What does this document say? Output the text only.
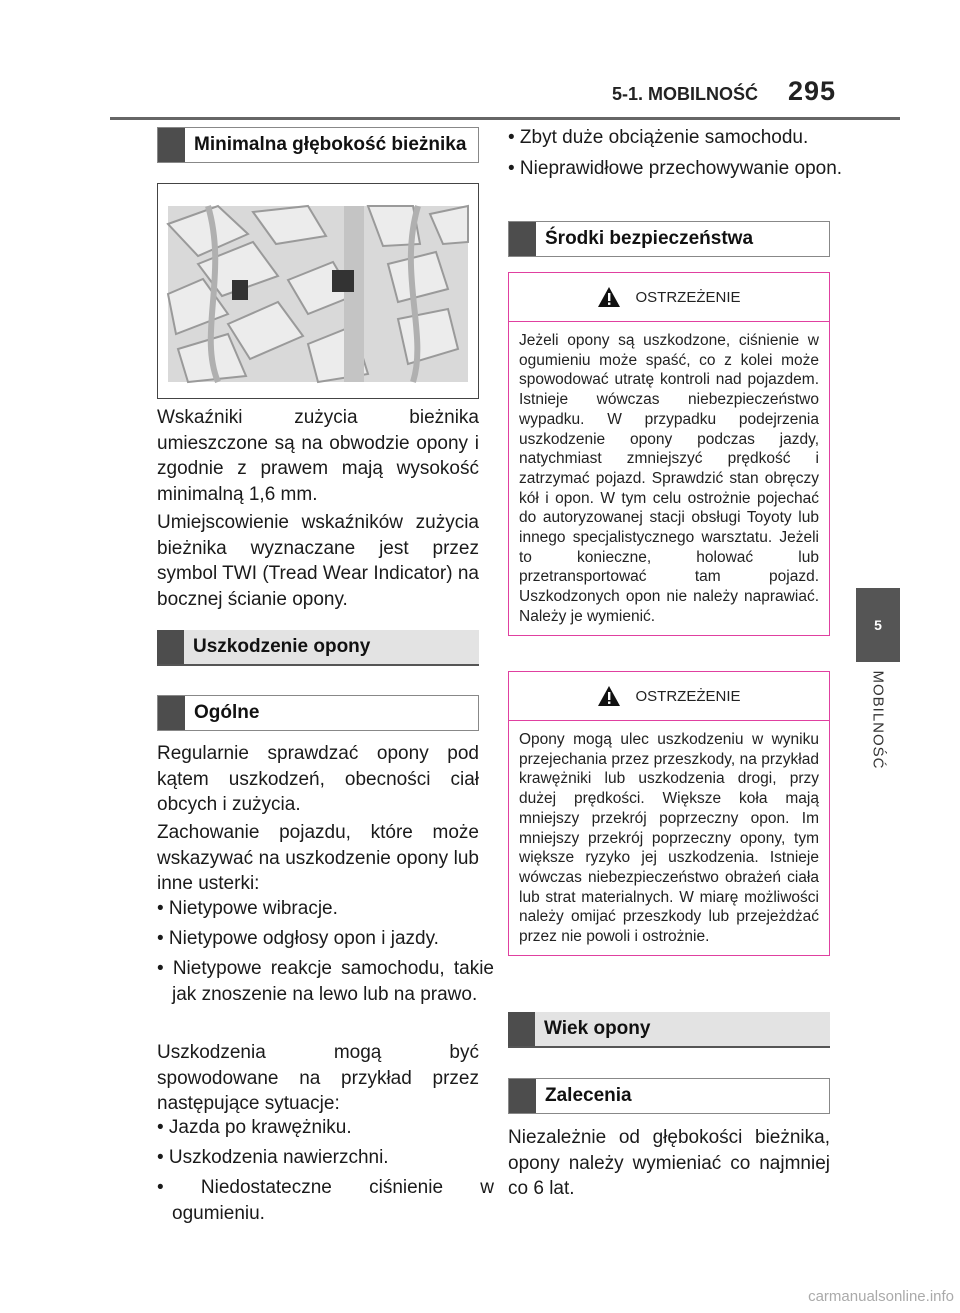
5-1. MOBILNOŚĆ 295
5
MOBILNOŚĆ
Minimalna głębokość bieżnika

Wskaźniki zużycia bieżnika umieszczone są na obwodzie opony i zgodnie z prawem mają wysokość minimalną 1,6 mm.

Umiejscowienie wskaźników zużycia bieżnika wyznaczane jest przez symbol TWI (Tread Wear Indicator) na bocznej ścianie opony.

Uszkodzenie opony
Ogólne

Regularnie sprawdzać opony pod kątem uszkodzeń, obecności ciał obcych i zużycia.

Zachowanie pojazdu, które może wskazywać na uszkodzenie opony lub inne usterki:

• Nietypowe wibracje.

• Nietypowe odgłosy opon i jazdy.

• Nietypowe reakcje samochodu, takie jak znoszenie na lewo lub na prawo.

Uszkodzenia mogą być spowodowane na przykład przez następujące sytuacje:

• Jazda po krawężniku.

• Uszkodzenia nawierzchni.

• Niedostateczne ciśnienie w ogumieniu.

• Zbyt duże obciążenie samochodu.

• Nieprawidłowe przechowywanie opon.

Środki bezpieczeństwa
OSTRZEŻENIE
Jeżeli opony są uszkodzone, ciśnienie w ogumieniu może spaść, co z kolei może spowodować utratę kontroli nad pojazdem. Istnieje wówczas niebezpieczeństwo wypadku. W przypadku podejrzenia uszkodzenie opony podczas jazdy, natychmiast zmniejszyć prędkość i zatrzymać pojazd. Sprawdzić stan obręczy kół i opon. W tym celu ostrożnie pojechać do autoryzowanej stacji obsługi Toyoty lub innego specjalistycznego warsztatu. Jeżeli to konieczne, holować lub przetransportować tam pojazd. Uszkodzonych opon nie należy naprawiać. Należy je wymienić.
OSTRZEŻENIE
Opony mogą ulec uszkodzeniu w wyniku przejechania przez przeszkody, na przykład krawężniki lub uszkodzenia drogi, przy dużej prędkości. Większe koła mają mniejszy przekrój poprzeczny opon. Im mniejszy przekrój poprzeczny opony, tym większe ryzyko jej uszkodzenia. Istnieje wówczas niebezpieczeństwo obrażeń ciała lub strat materialnych. W miarę możliwości należy omijać przeszkody lub przejeżdżać przez nie powoli i ostrożnie.
Wiek opony
Zalecenia

Niezależnie od głębokości bieżnika, opony należy wymieniać co najmniej co 6 lat.

carmanualsonline.info
